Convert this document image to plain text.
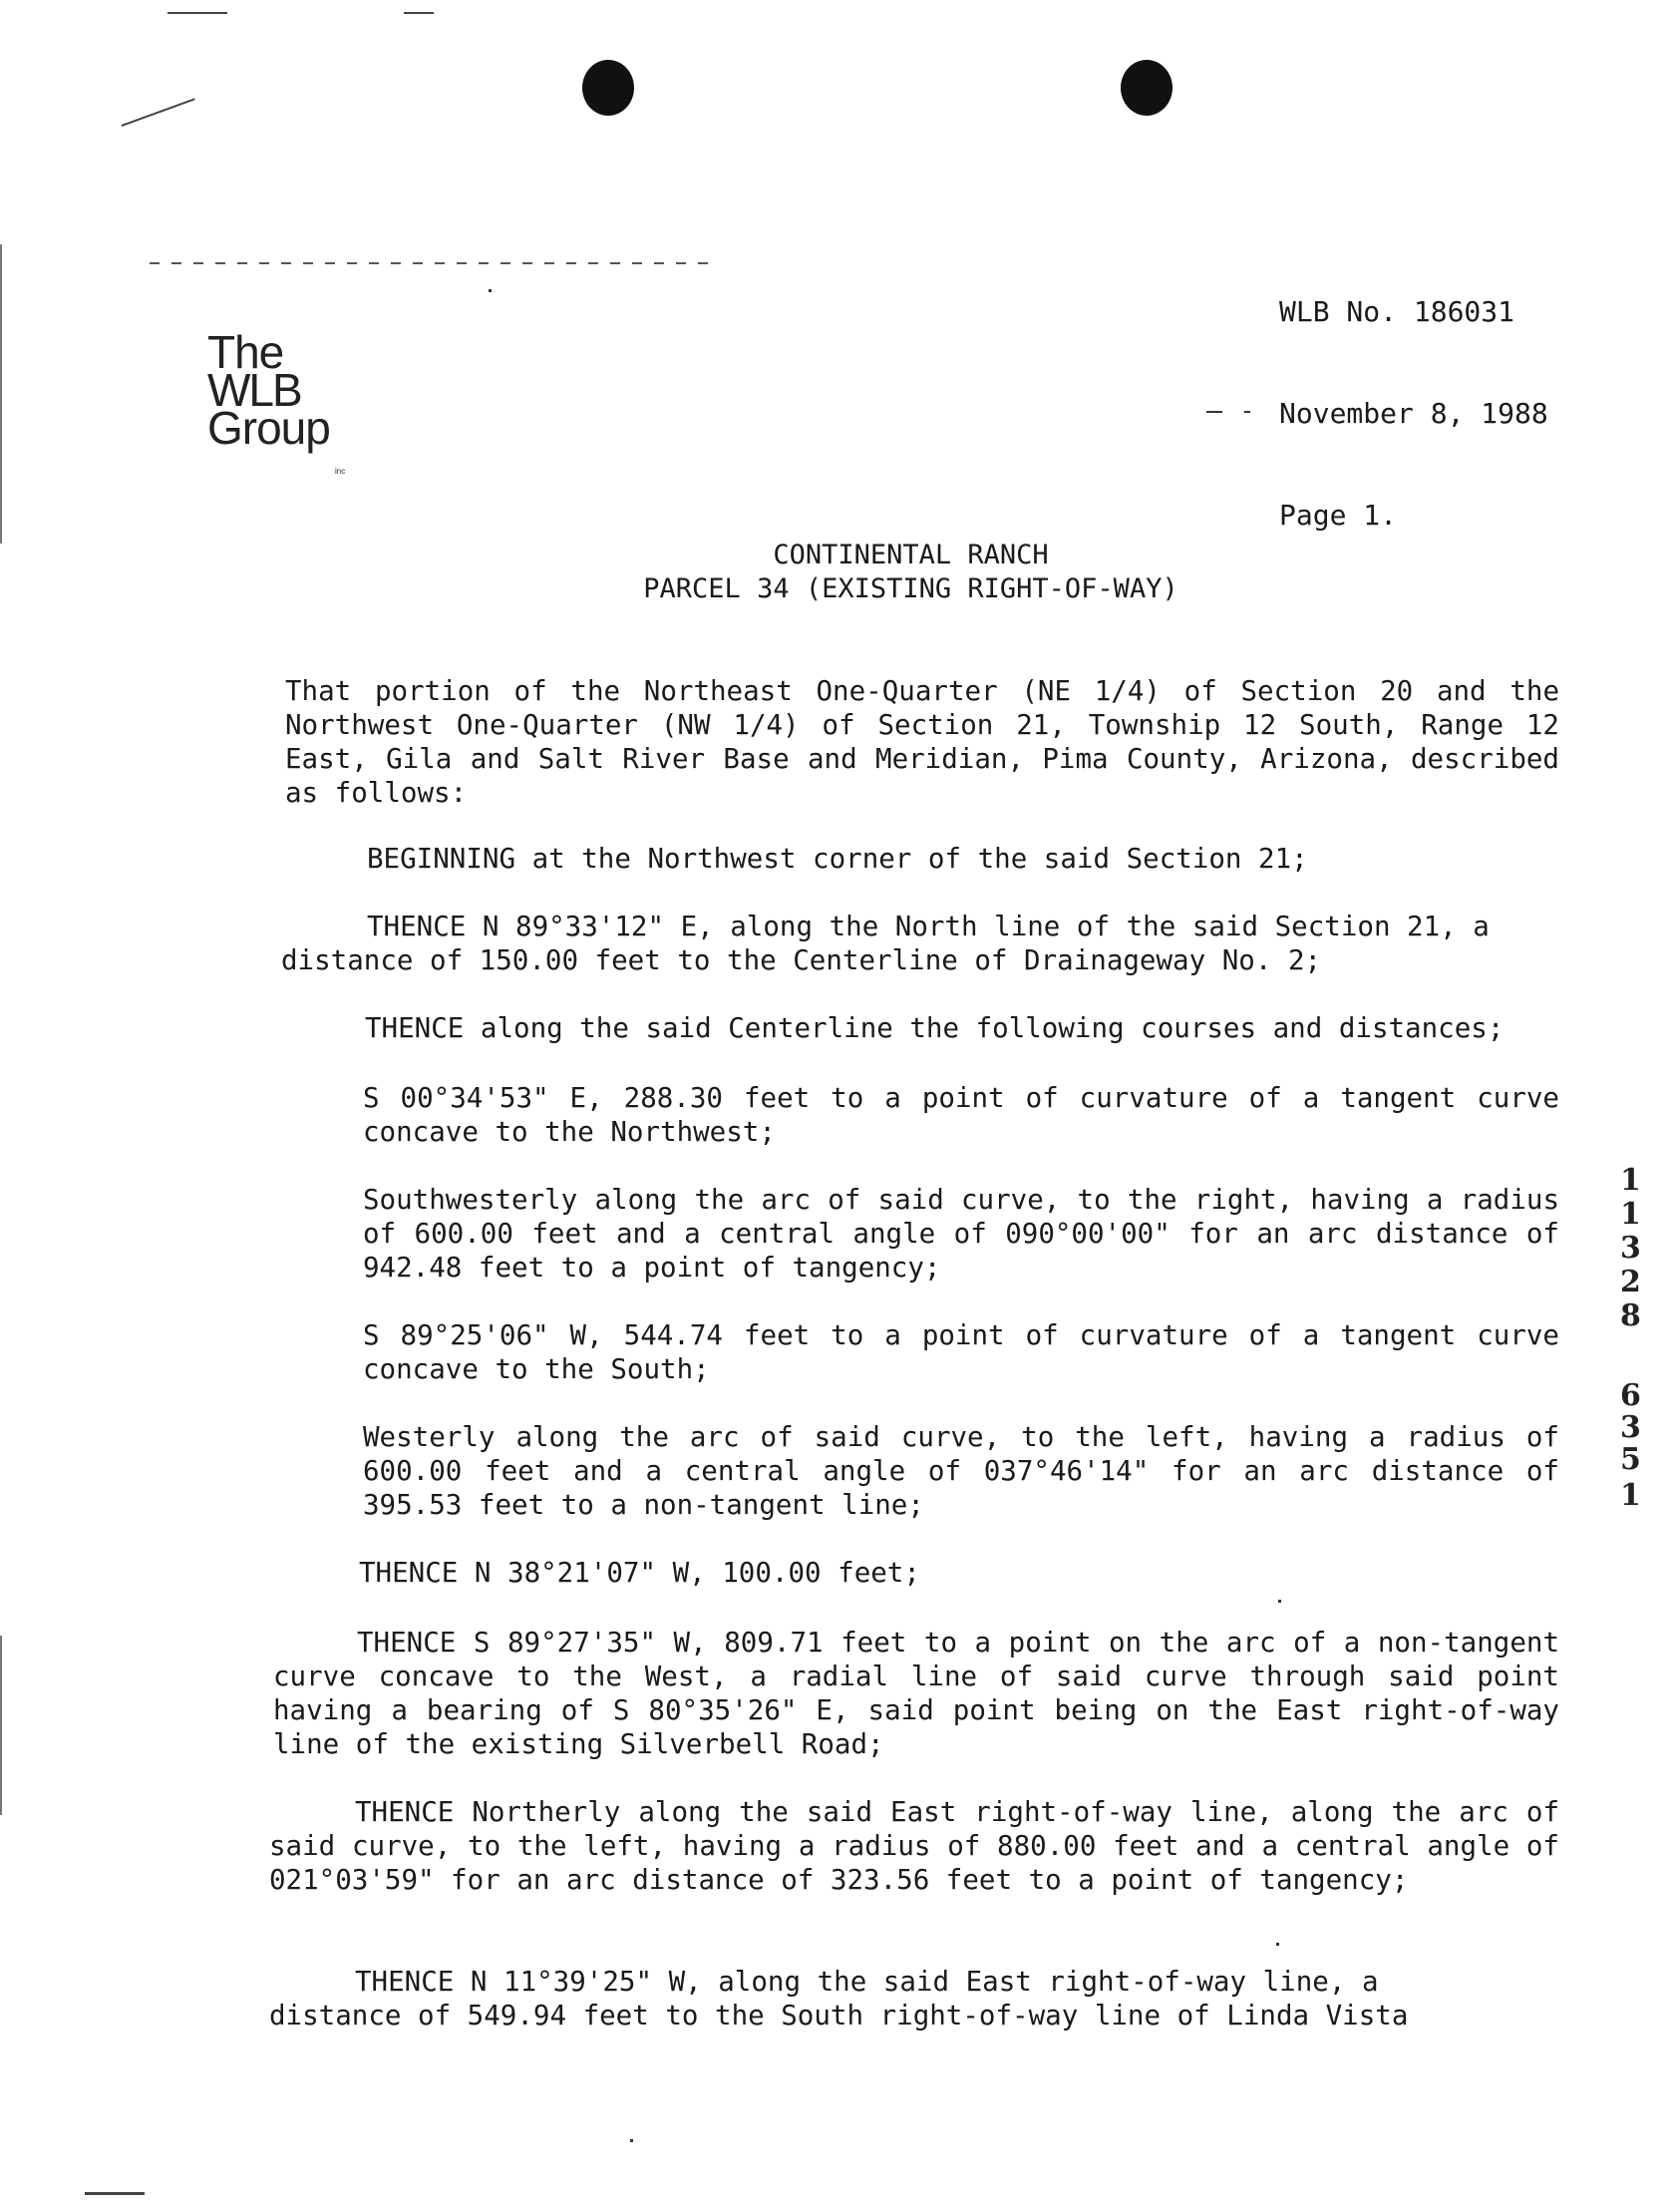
WLB No. 186031

November 8, 1988

Page 1.

The
WLB
Group
inc
CONTINENTAL RANCH
PARCEL 34 (EXISTING RIGHT-OF-WAY)
That portion of the Northeast One-Quarter (NE 1/4) of Section 20 and the Northwest One-Quarter (NW 1/4) of Section 21, Township 12 South, Range 12 East, Gila and Salt River Base and Meridian, Pima County, Arizona, described as follows:
BEGINNING at the Northwest corner of the said Section 21;
THENCE N 89°33'12" E, along the North line of the said Section 21, a
distance of 150.00 feet to the Centerline of Drainageway No. 2;
THENCE along the said Centerline the following courses and distances;
S 00°34'53" E, 288.30 feet to a point of curvature of a tangent curve concave to the Northwest;
Southwesterly along the arc of said curve, to the right, having a radius of 600.00 feet and a central angle of 090°00'00" for an arc distance of 942.48 feet to a point of tangency;
S 89°25'06" W, 544.74 feet to a point of curvature of a tangent curve concave to the South;
Westerly along the arc of said curve, to the left, having a radius of 600.00 feet and a central angle of 037°46'14" for an arc distance of 395.53 feet to a non-tangent line;
THENCE N 38°21'07" W, 100.00 feet;
THENCE S 89°27'35" W, 809.71 feet to a point on the arc of a non-tangent curve concave to the West, a radial line of said curve through said point having a bearing of S 80°35'26" E, said point being on the East right-of-way line of the existing Silverbell Road;
THENCE Northerly along the said East right-of-way line, along the arc of said curve, to the left, having a radius of 880.00 feet and a central angle of 021°03'59" for an arc distance of 323.56 feet to a point of tangency;
THENCE N 11°39'25" W, along the said East right-of-way line, a
distance of 549.94 feet to the South right-of-way line of Linda Vista
1
1
3
2
8
6
3
5
1
